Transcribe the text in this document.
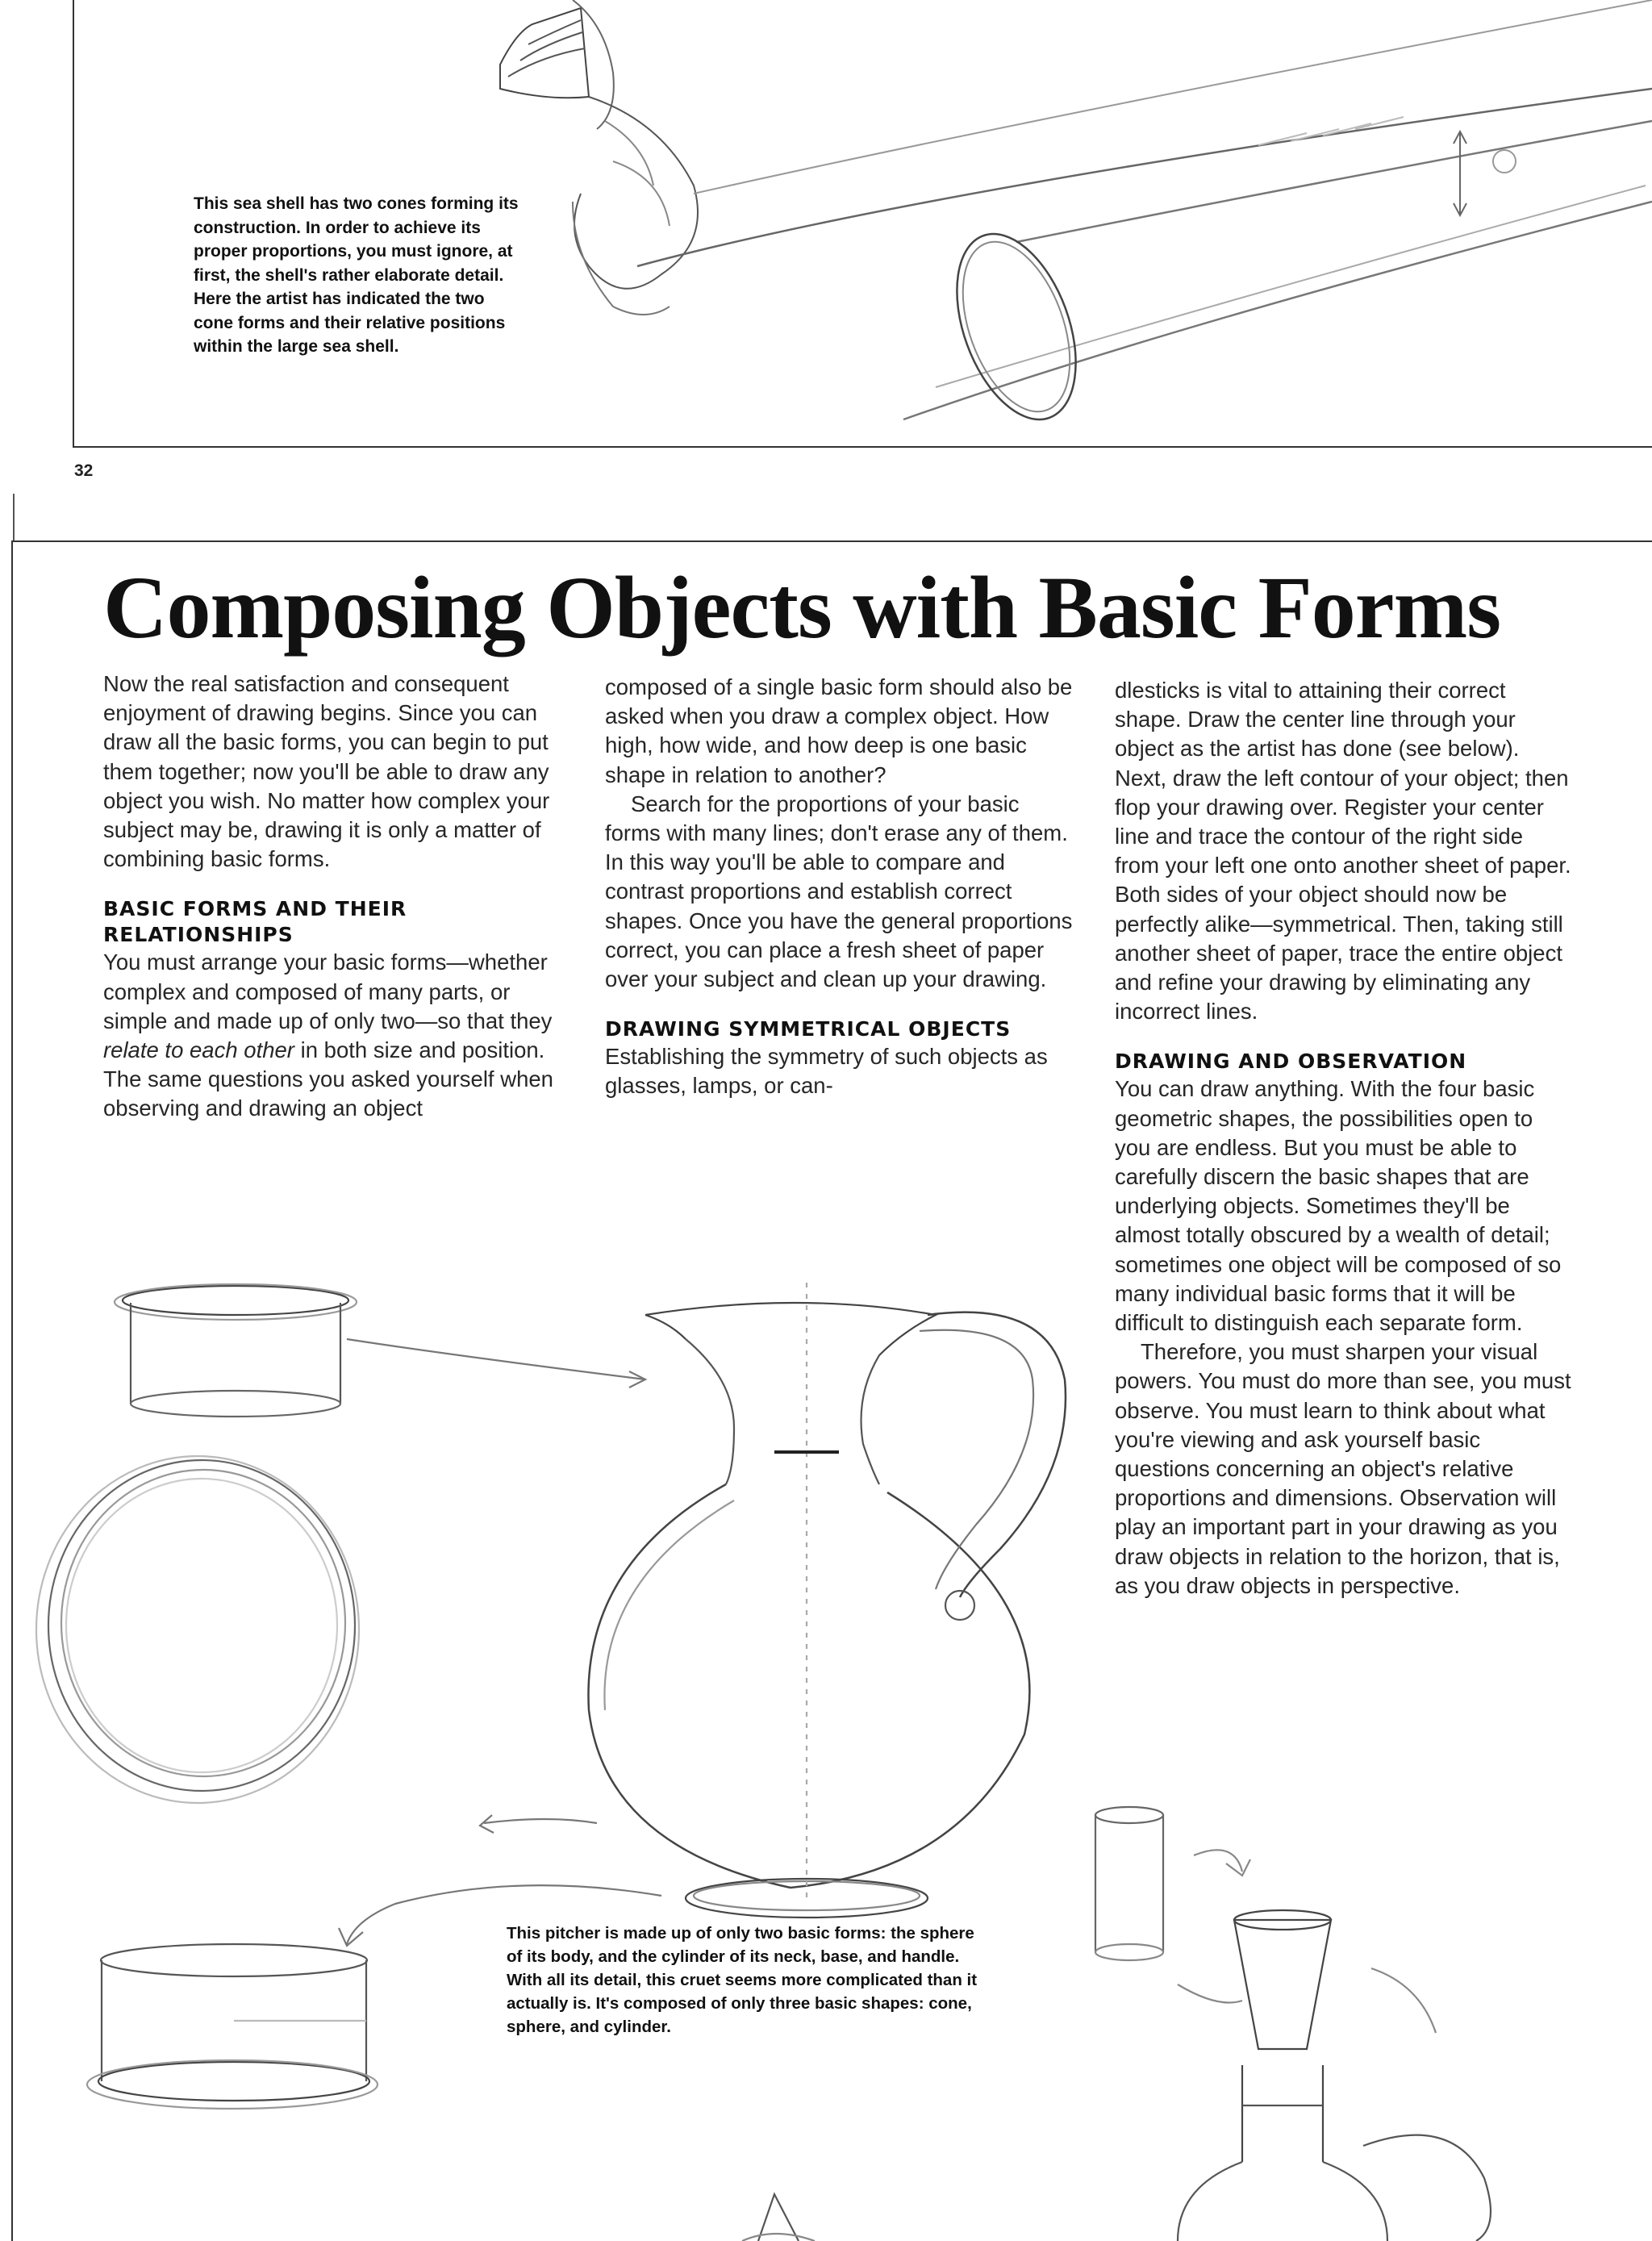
This sea shell has two cones forming its construction. In order to achieve its proper proportions, you must ignore, at first, the shell's rather elaborate detail. Here the artist has indicated the two cone forms and their relative positions within the large sea shell.
32
Composing Objects with Basic Forms

Now the real satisfaction and consequent enjoyment of drawing begins. Since you can draw all the basic forms, you can begin to put them together; now you'll be able to draw any object you wish. No matter how complex your subject may be, drawing it is only a matter of combining basic forms.

BASIC FORMS AND THEIR RELATIONSHIPS

You must arrange your basic forms—whether complex and composed of many parts, or simple and made up of only two—so that they relate to each other in both size and position. The same questions you asked yourself when observing and drawing an object

composed of a single basic form should also be asked when you draw a complex object. How high, how wide, and how deep is one basic shape in relation to another?

Search for the proportions of your basic forms with many lines; don't erase any of them. In this way you'll be able to compare and contrast proportions and establish correct shapes. Once you have the general proportions correct, you can place a fresh sheet of paper over your subject and clean up your drawing.

DRAWING SYMMETRICAL OBJECTS

Establishing the symmetry of such objects as glasses, lamps, or can-

dlesticks is vital to attaining their correct shape. Draw the center line through your object as the artist has done (see below). Next, draw the left contour of your object; then flop your drawing over. Register your center line and trace the contour of the right side from your left one onto another sheet of paper. Both sides of your object should now be perfectly alike—symmetrical. Then, taking still another sheet of paper, trace the entire object and refine your drawing by eliminating any incorrect lines.

DRAWING AND OBSERVATION

You can draw anything. With the four basic geometric shapes, the possibilities open to you are endless. But you must be able to carefully discern the basic shapes that are underlying objects. Sometimes they'll be almost totally obscured by a wealth of detail; sometimes one object will be composed of so many individual basic forms that it will be difficult to distinguish each separate form.

Therefore, you must sharpen your visual powers. You must do more than see, you must observe. You must learn to think about what you're viewing and ask yourself basic questions concerning an object's relative proportions and dimensions. Observation will play an important part in your drawing as you draw objects in relation to the horizon, that is, as you draw objects in perspective.

This pitcher is made up of only two basic forms: the sphere of its body, and the cylinder of its neck, base, and handle. With all its detail, this cruet seems more complicated than it actually is. It's composed of only three basic shapes: cone, sphere, and cylinder.
